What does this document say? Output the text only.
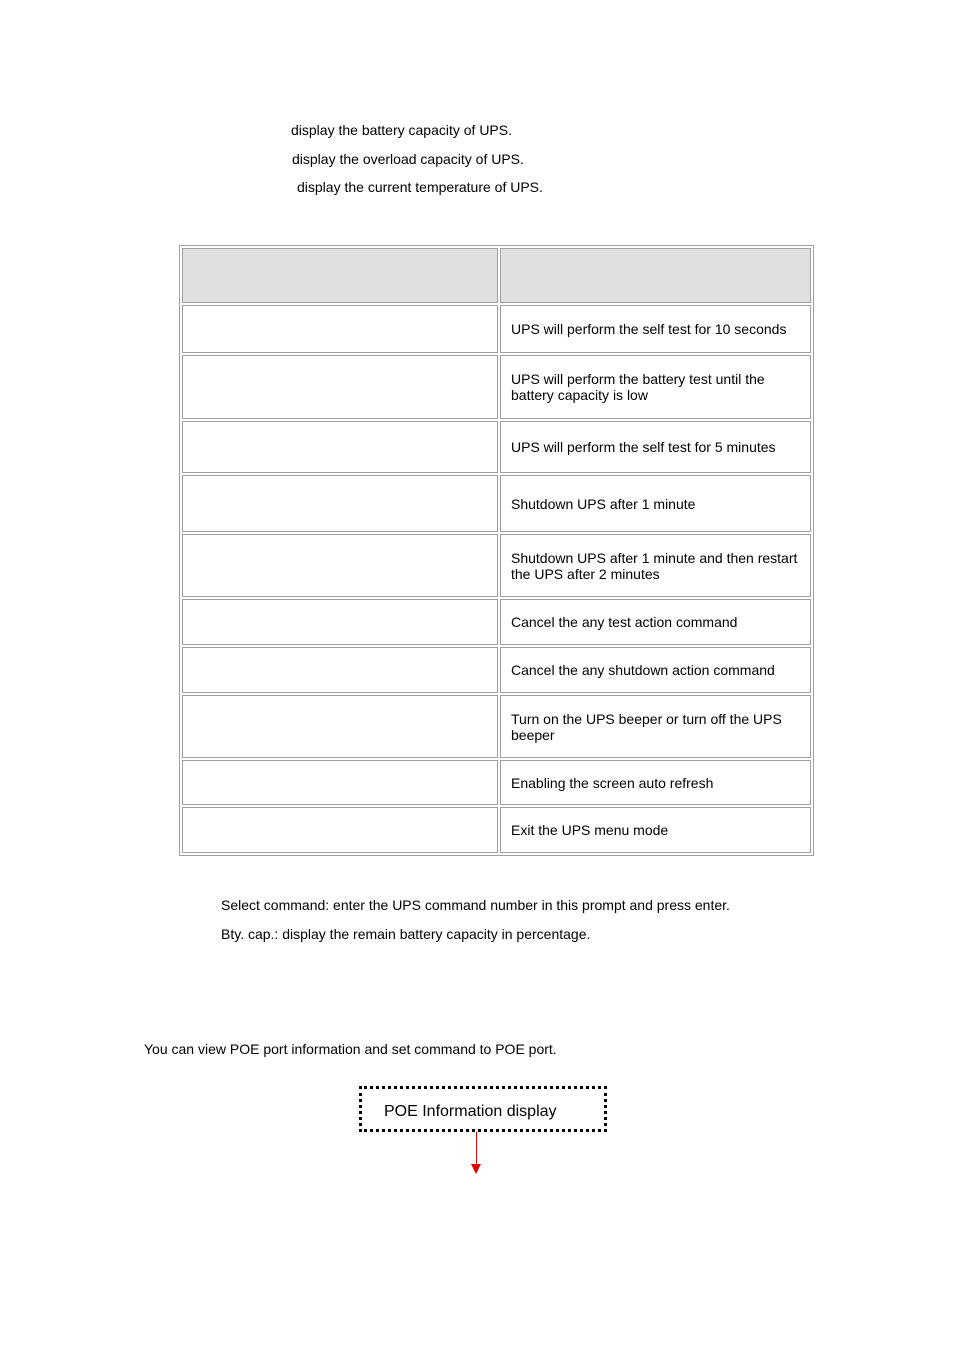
display the battery capacity of UPS.
display the overload capacity of UPS.
display the current temperature of UPS.

	UPS will perform the self test for 10 seconds
	UPS will perform the battery test until the battery capacity is low
	UPS will perform the self test for 5 minutes
	Shutdown UPS after 1 minute
	Shutdown UPS after 1 minute and then restart the UPS after 2 minutes
	Cancel the any test action command
	Cancel the any shutdown action command
	Turn on the UPS beeper or turn off the UPS beeper
	Enabling the screen auto refresh
	Exit the UPS menu mode
Select command: enter the UPS command number in this prompt and press enter.
Bty. cap.: display the remain battery capacity in percentage.
You can view POE port information and set command to POE port.
POE Information display
